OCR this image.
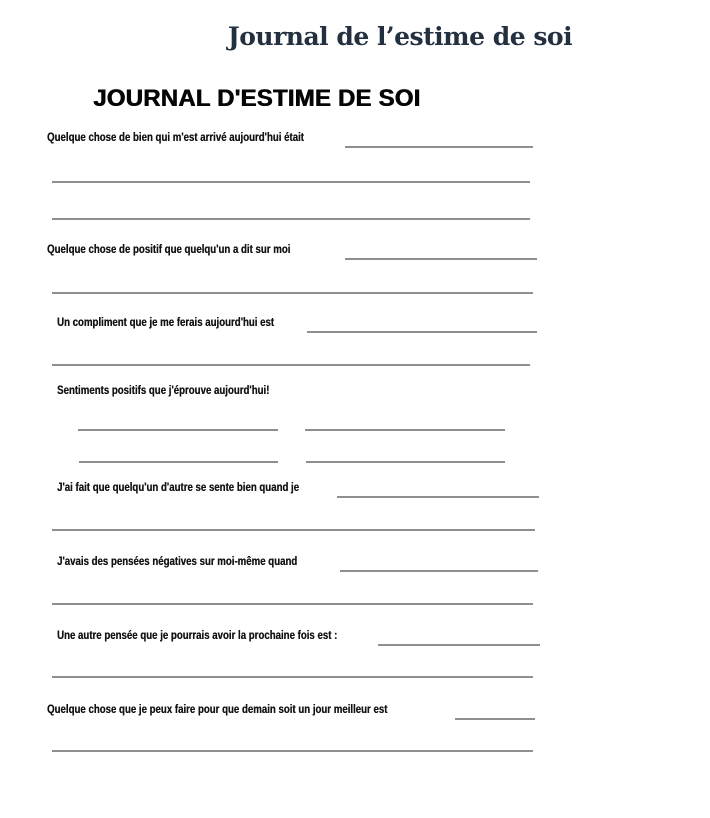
Journal de l’estime de soi
JOURNAL D'ESTIME DE SOI
Quelque chose de bien qui m'est arrivé aujourd'hui était
Quelque chose de positif que quelqu'un a dit sur moi
Un compliment que je me ferais aujourd'hui est
Sentiments positifs que j'éprouve aujourd'hui!
J'ai fait que quelqu'un d'autre se sente bien quand je
J'avais des pensées négatives sur moi-même quand
Une autre pensée que je pourrais avoir la prochaine fois est :
Quelque chose que je peux faire pour que demain soit un jour meilleur est
